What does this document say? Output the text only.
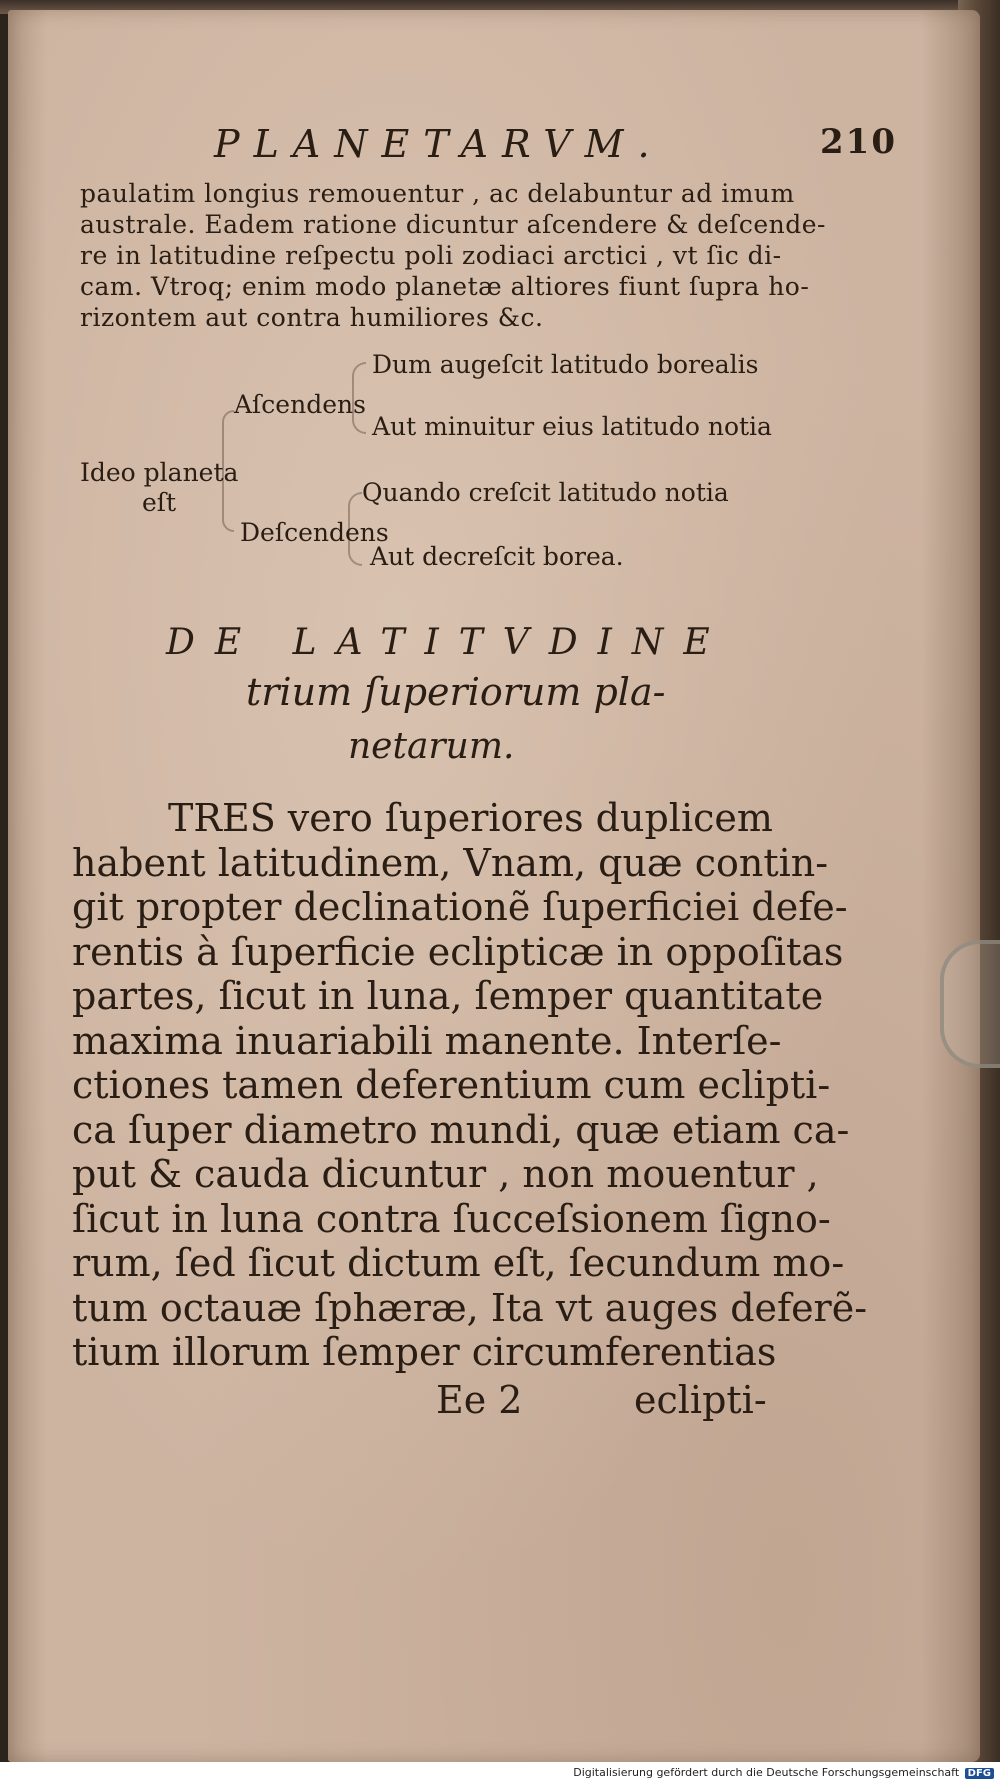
PLANETARVM.	210
paulatim longius remouentur , ac delabuntur ad imum
australe. Eadem ratione dicuntur aſcendere & deſcende-
re in latitudine reſpectu poli zodiaci arctici , vt ſic di-
cam. Vtroq; enim modo planetæ altiores fiunt ſupra ho-
rizontem aut contra humiliores &c.
Dum augeſcit latitudo borealis
Aſcendens
Aut minuitur eius latitudo notia
Ideo planeta
eſt	Quando creſcit latitudo notia
Deſcendens
Aut decreſcit borea.
DE LATITVDINE
trium ſuperiorum pla-
netarum.
TRES vero ſuperiores duplicem
habent latitudinem, Vnam, quæ contin-
git propter declinationẽ ſuperficiei defe-
rentis à ſuperficie eclipticæ in oppoſitas
partes, ſicut in luna, ſemper quantitate
maxima inuariabili manente. Interſe-
ctiones tamen deferentium cum eclipti-
ca ſuper diametro mundi, quæ etiam ca-
put & cauda dicuntur , non mouentur ,
ſicut in luna contra ſucceſsionem ſigno-
rum, ſed ſicut dictum eſt, ſecundum mo-
tum octauæ ſphæræ, Ita vt auges deferẽ-
tium illorum ſemper circumferentias
Ee 2	eclipti-
Digitalisierung gefördert durch die Deutsche Forschungsgemeinschaft DFG
